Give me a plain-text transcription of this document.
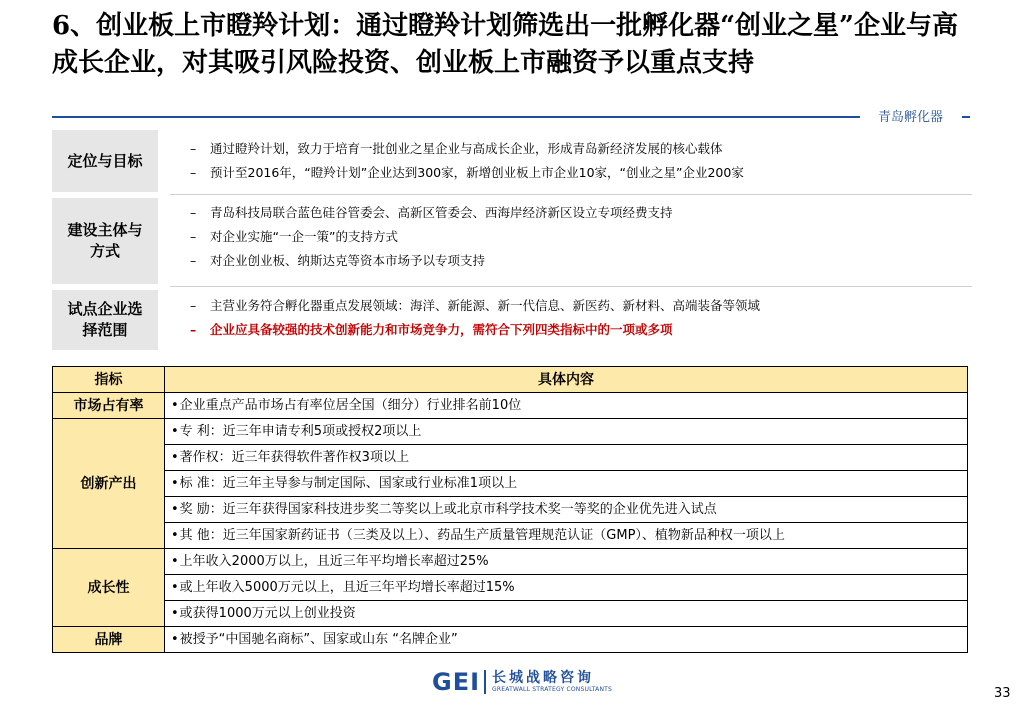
6、创业板上市瞪羚计划：通过瞪羚计划筛选出一批孵化器“创业之星”企业与高成长企业，对其吸引风险投资、创业板上市融资予以重点支持
青岛孵化器
定位与目标
– 通过瞪羚计划，致力于培育一批创业之星企业与高成长企业，形成青岛新经济发展的核心载体
– 预计至2016年，“瞪羚计划”企业达到300家，新增创业板上市企业10家，“创业之星”企业200家
建设主体与方式
– 青岛科技局联合蓝色硅谷管委会、高新区管委会、西海岸经济新区设立专项经费支持
– 对企业实施“一企一策”的支持方式
– 对企业创业板、纳斯达克等资本市场予以专项支持
试点企业选择范围
– 主营业务符合孵化器重点发展领域：海洋、新能源、新一代信息、新医药、新材料、高端装备等领域
– 企业应具备较强的技术创新能力和市场竞争力，需符合下列四类指标中的一项或多项
指标	具体内容
市场占有率	• 企业重点产品市场占有率位居全国（细分）行业排名前10位
创新产出	• 专 利：近三年申请专利5项或授权2项以上
	• 著作权：近三年获得软件著作权3项以上
	• 标 准：近三年主导参与制定国际、国家或行业标准1项以上
	• 奖 励：近三年获得国家科技进步奖二等奖以上或北京市科学技术奖一等奖的企业优先进入试点
	• 其 他：近三年国家新药证书（三类及以上）、药品生产质量管理规范认证（GMP）、植物新品种权一项以上
成长性	• 上年收入2000万以上，且近三年平均增长率超过25%
	• 或上年收入5000万元以上，且近三年平均增长率超过15%
	• 或获得1000万元以上创业投资
品牌	• 被授予“中国驰名商标”、国家或山东 “名牌企业”
GEI 长城战略咨询
GREATWALL STRATEGY CONSULTANTS	33
